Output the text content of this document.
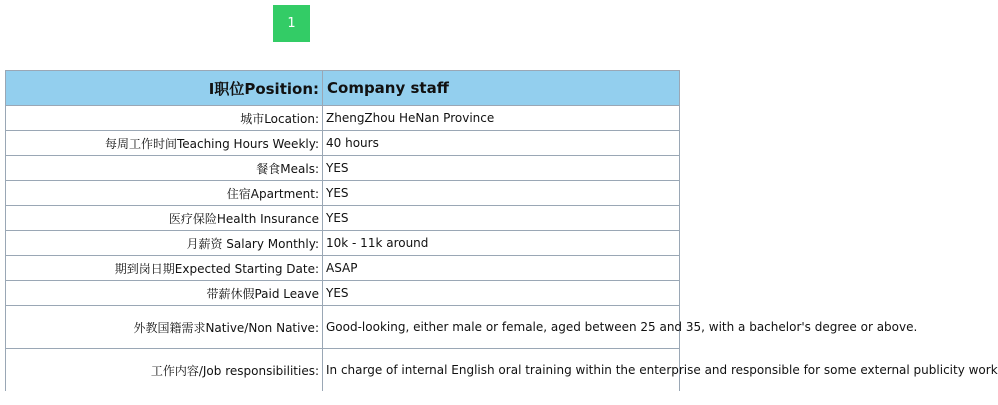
1
I职位Position:	Company staff
城市Location:	ZhengZhou HeNan Province
每周工作时间Teaching Hours Weekly:	40 hours
餐食Meals:	YES
住宿Apartment:	YES
医疗保险Health Insurance	YES
月薪资 Salary Monthly:	10k - 11k around
期到岗日期Expected Starting Date:	ASAP
带薪休假Paid Leave	YES
外教国籍需求Native/Non Native:	Good-looking, either male or female, aged between 25 and 35, with a bachelor's degree or above.
工作内容/Job responsibilities:	In charge of internal English oral training within the enterprise and responsible for some external publicity work
